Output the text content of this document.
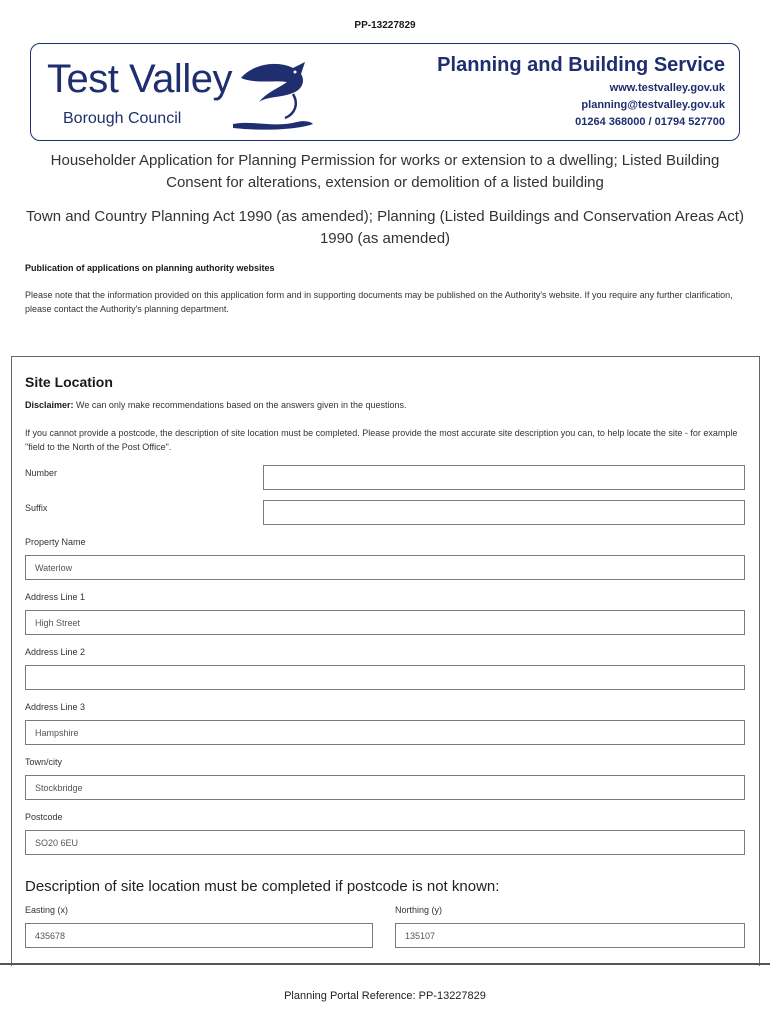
PP-13227829
Test Valley
Borough Council
Planning and Building Service
www.testvalley.gov.uk
planning@testvalley.gov.uk
01264 368000 / 01794 527700
Householder Application for Planning Permission for works or extension to a dwelling; Listed Building Consent for alterations, extension or demolition of a listed building
Town and Country Planning Act 1990 (as amended); Planning (Listed Buildings and Conservation Areas Act) 1990 (as amended)
Publication of applications on planning authority websites
Please note that the information provided on this application form and in supporting documents may be published on the Authority's website. If you require any further clarification, please contact the Authority's planning department.
Site Location
Disclaimer: We can only make recommendations based on the answers given in the questions.
If you cannot provide a postcode, the description of site location must be completed. Please provide the most accurate site description you can, to help locate the site - for example "field to the North of the Post Office".
Number
Suffix
Property Name
Waterlow
Address Line 1
High Street
Address Line 2
Address Line 3
Hampshire
Town/city
Stockbridge
Postcode
SO20 6EU
Description of site location must be completed if postcode is not known:
Easting (x)
435678
Northing (y)
135107
Planning Portal Reference: PP-13227829
